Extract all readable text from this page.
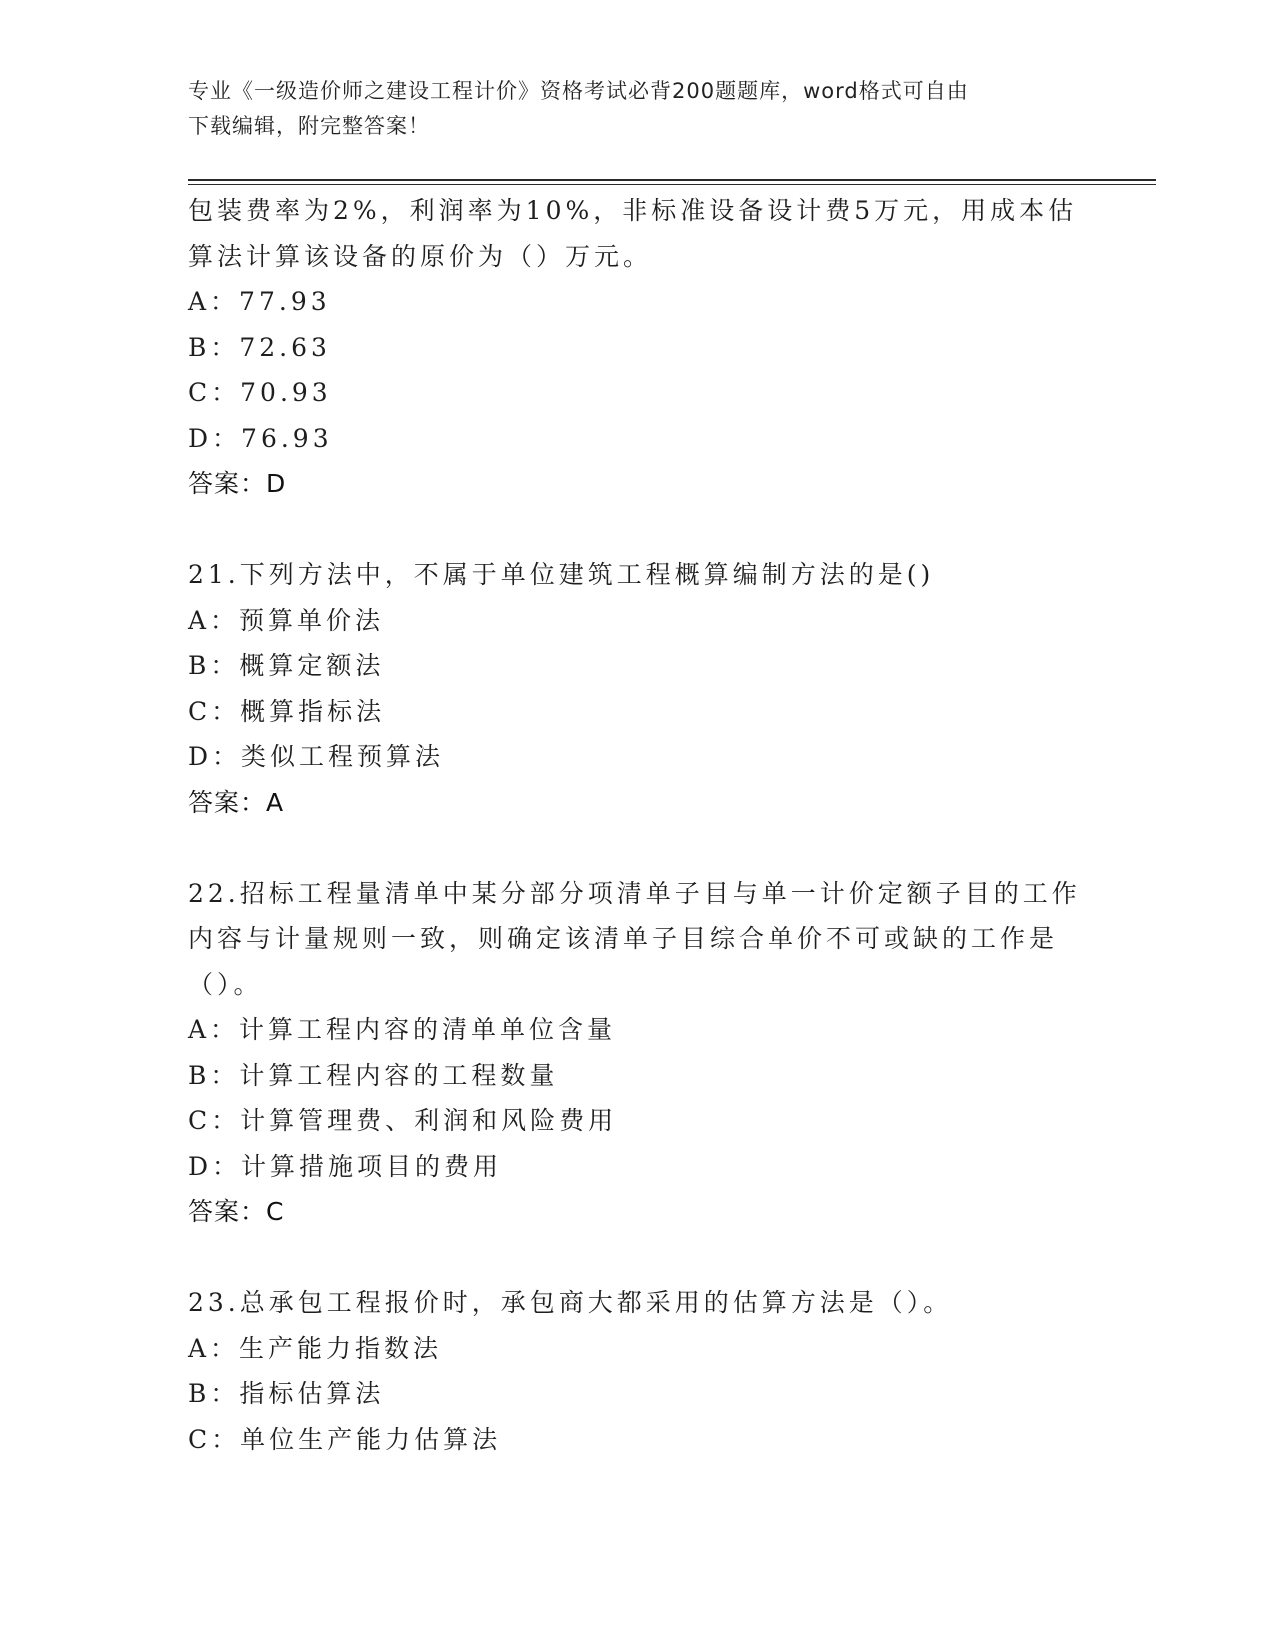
专业《一级造价师之建设工程计价》资格考试必背200题题库，word格式可自由
下载编辑，附完整答案！
包装费率为2%，利润率为10%，非标准设备设计费5万元，用成本估
算法计算该设备的原价为（）万元。
A：77.93
B：72.63
C：70.93
D：76.93
答案：D
21.下列方法中，不属于单位建筑工程概算编制方法的是()
A：预算单价法
B：概算定额法
C：概算指标法
D：类似工程预算法
答案：A
22.招标工程量清单中某分部分项清单子目与单一计价定额子目的工作
内容与计量规则一致，则确定该清单子目综合单价不可或缺的工作是
（）。
A：计算工程内容的清单单位含量
B：计算工程内容的工程数量
C：计算管理费、利润和风险费用
D：计算措施项目的费用
答案：C
23.总承包工程报价时，承包商大都采用的估算方法是（）。
A：生产能力指数法
B：指标估算法
C：单位生产能力估算法
